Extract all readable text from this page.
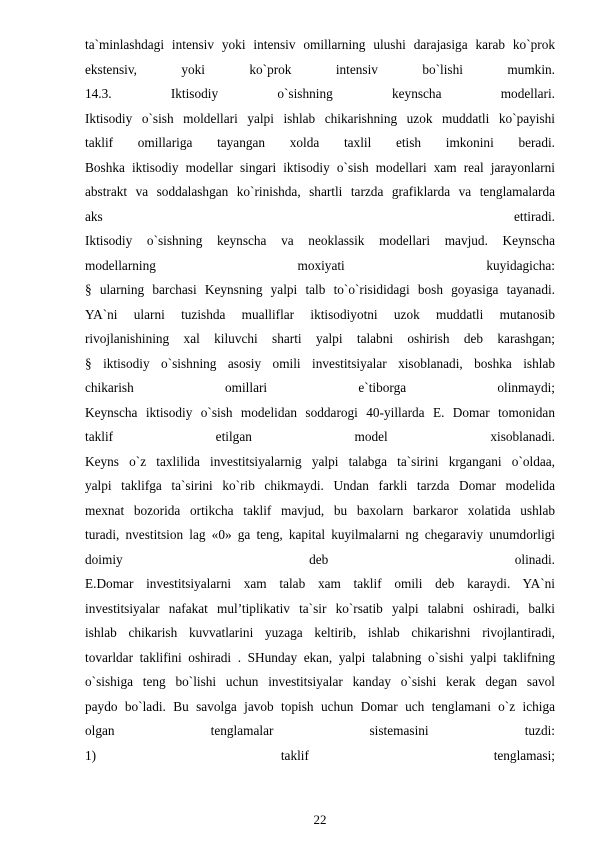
ta`minlashdagi intensiv yoki intensiv omillarning ulushi darajasiga karab ko`prok
ekstensiv, yoki ko`prok intensiv bo`lishi mumkin.
14.3. Iktisodiy o`sishning keynscha modellari.
Iktisodiy o`sish moldellari yalpi ishlab chikarishning uzok muddatli ko`payishi
taklif omillariga tayangan xolda taxlil etish imkonini beradi.
Boshka iktisodiy modellar singari iktisodiy o`sish modellari xam real jarayonlarni
abstrakt va soddalashgan ko`rinishda, shartli tarzda grafiklarda va tenglamalarda
aks ettiradi.
Iktisodiy o`sishning keynscha va neoklassik modellari mavjud. Keynscha
modellarning moxiyati kuyidagicha:
§ ularning barchasi Keynsning yalpi talb to`o`risididagi bosh goyasiga tayanadi.
YA`ni ularni tuzishda mualliflar iktisodiyotni uzok muddatli mutanosib
rivojlanishining xal kiluvchi sharti yalpi talabni oshirish deb karashgan;
§ iktisodiy o`sishning asosiy omili investitsiyalar xisoblanadi, boshka ishlab
chikarish omillari e`tiborga olinmaydi;
Keynscha iktisodiy o`sish modelidan soddarogi 40-yillarda E. Domar tomonidan
taklif etilgan model xisoblanadi.
Keyns o`z taxlilida investitsiyalarnig yalpi talabga ta`sirini krgangani o`oldaa,
yalpi taklifga ta`sirini ko`rib chikmaydi. Undan farkli tarzda Domar modelida
mexnat bozorida ortikcha taklif mavjud, bu baxolarn barkaror xolatida ushlab
turadi, nvestitsion lag «0» ga teng, kapital kuyilmalarni ng chegaraviy unumdorligi
doimiy deb olinadi.
E.Domar investitsiyalarni xam talab xam taklif omili deb karaydi. YA`ni
investitsiyalar nafakat mul’tiplikativ ta`sir ko`rsatib yalpi talabni oshiradi, balki
ishlab chikarish kuvvatlarini yuzaga keltirib, ishlab chikarishni rivojlantiradi,
tovarldar taklifini oshiradi . SHunday ekan, yalpi talabning o`sishi yalpi taklifning
o`sishiga teng bo`lishi uchun investitsiyalar kanday o`sishi kerak degan savol
paydo bo`ladi. Bu savolga javob topish uchun Domar uch tenglamani o`z ichiga
olgan tenglamalar sistemasini tuzdi:
1) taklif tenglamasi;
22
